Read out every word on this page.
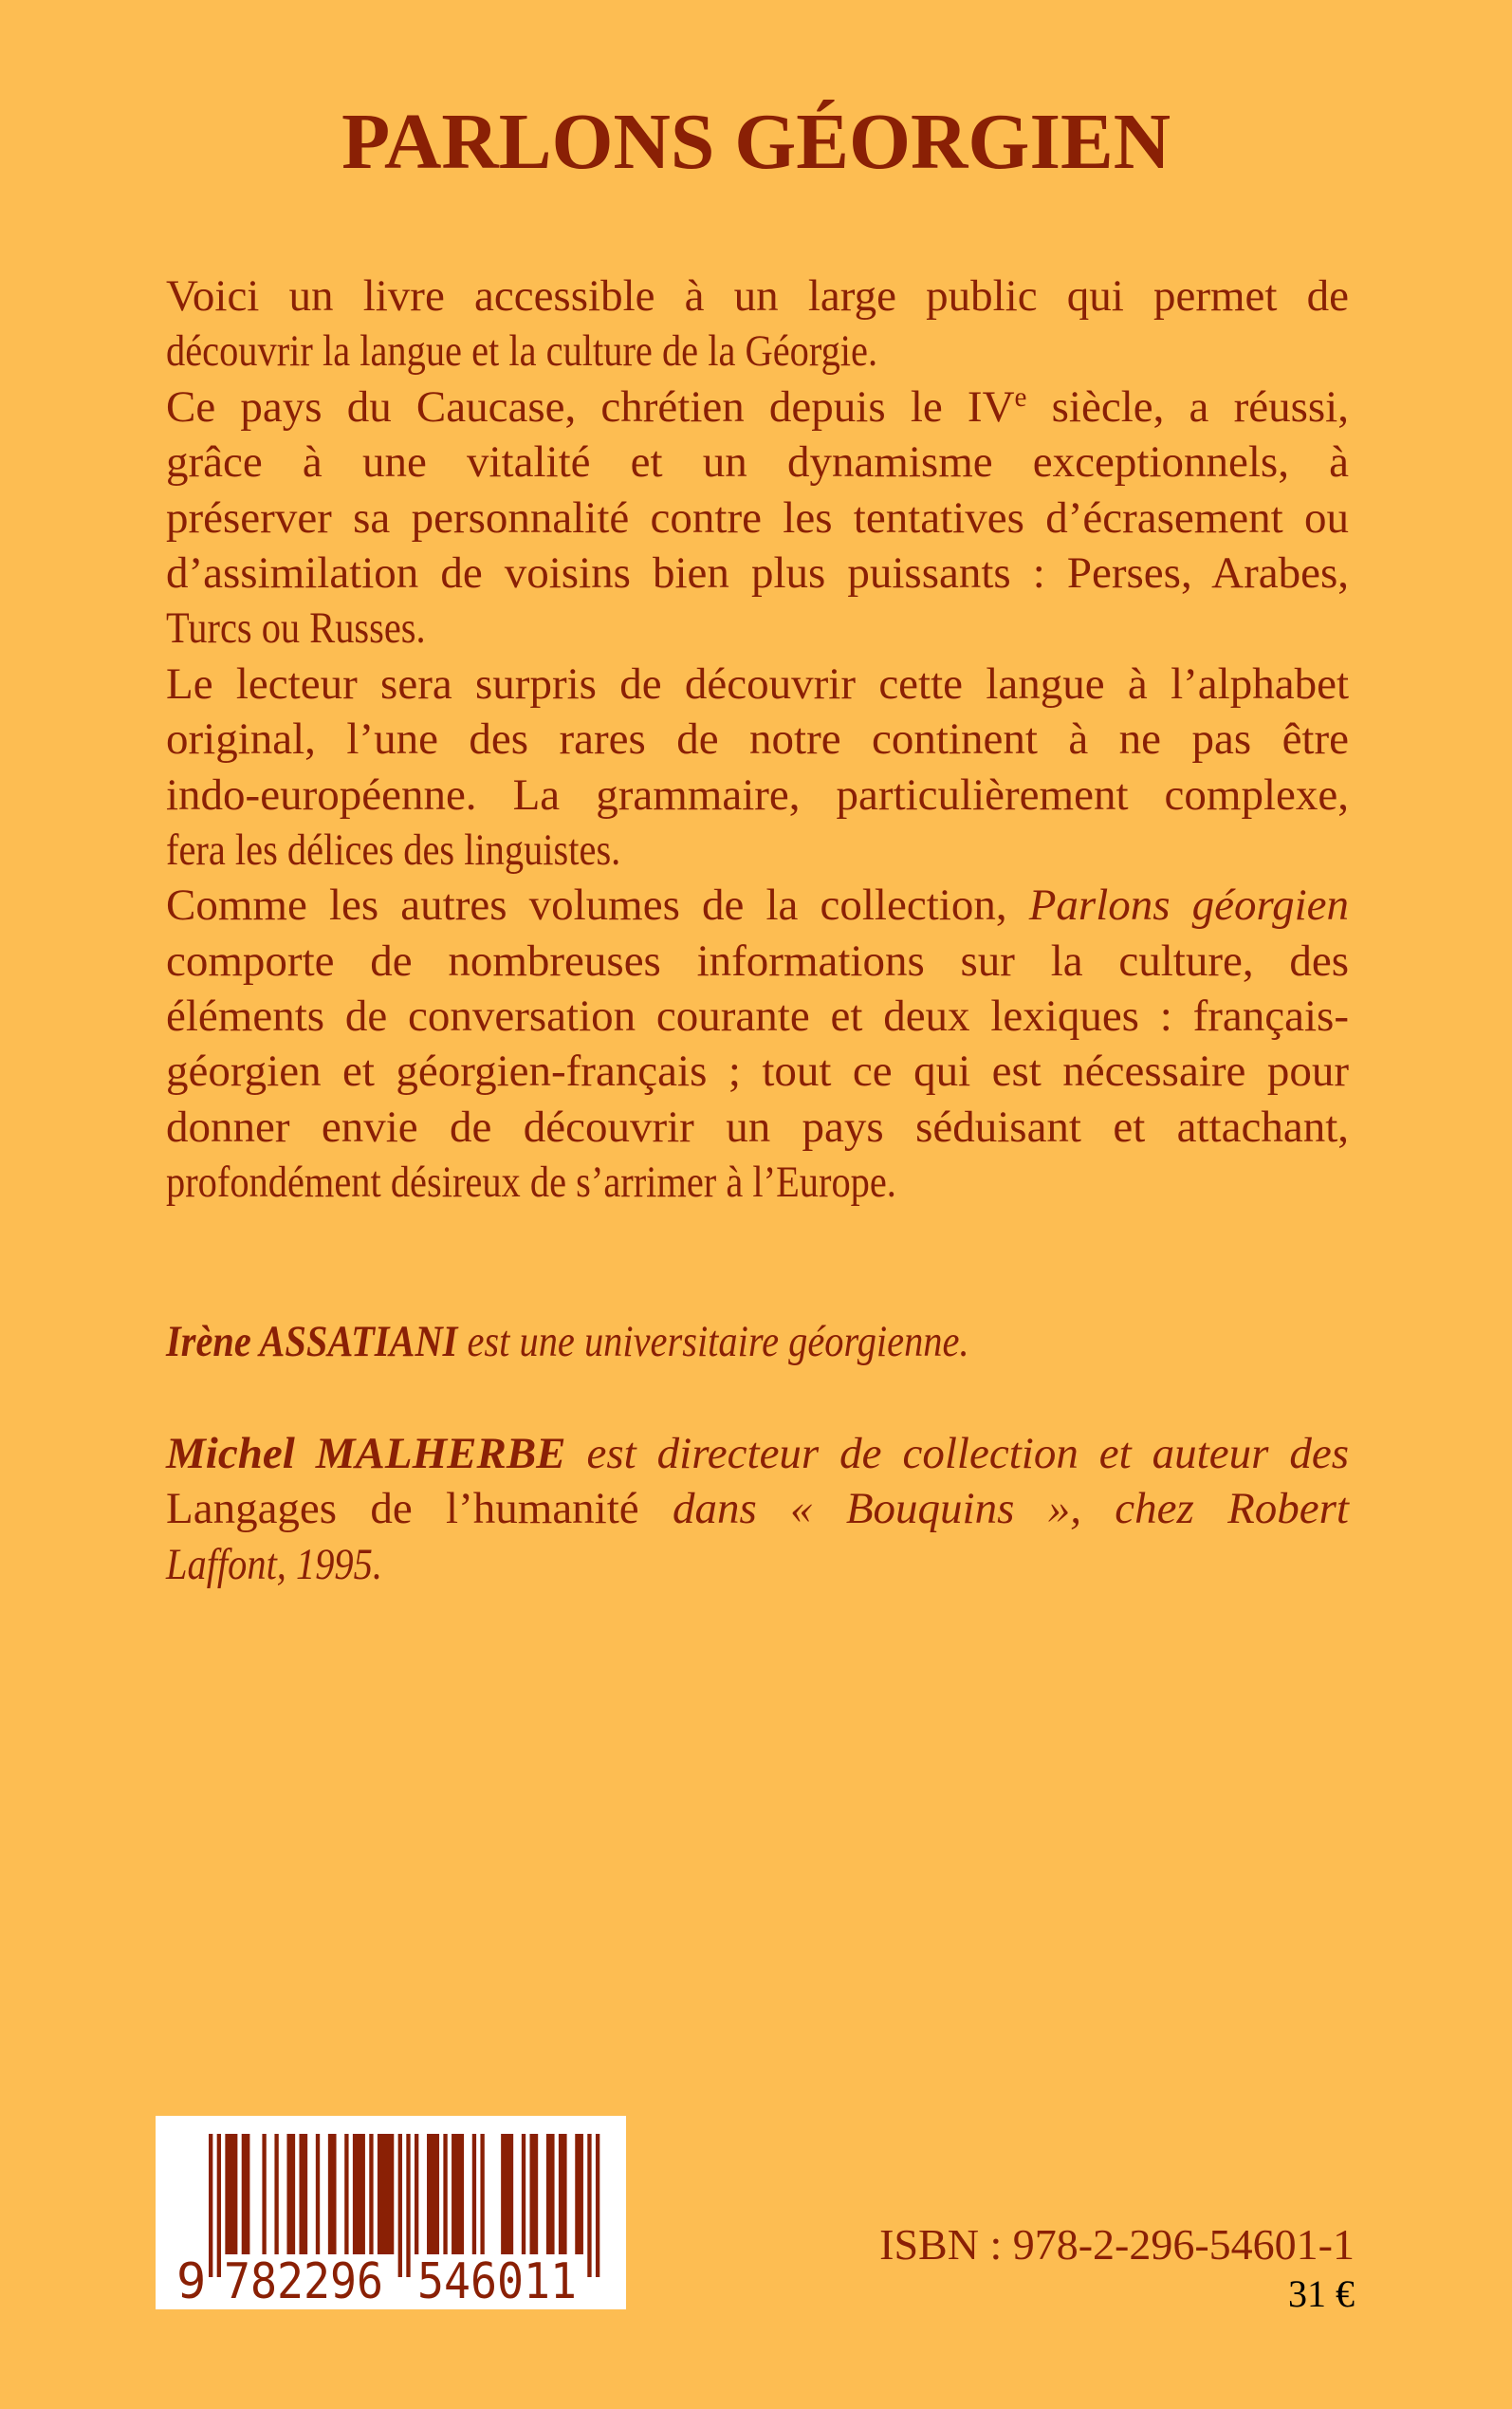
PARLONS GÉORGIEN
Voici un livre accessible à un large public qui permet de
découvrir la langue et la culture de la Géorgie.
Ce pays du Caucase, chrétien depuis le IVe siècle, a réussi,
grâce à une vitalité et un dynamisme exceptionnels, à
préserver sa personnalité contre les tentatives d’écrasement ou
d’assimilation de voisins bien plus puissants : Perses, Arabes,
Turcs ou Russes.
Le lecteur sera surpris de découvrir cette langue à l’alphabet
original, l’une des rares de notre continent à ne pas être
indo-européenne. La grammaire, particulièrement complexe,
fera les délices des linguistes.
Comme les autres volumes de la collection, Parlons géorgien
comporte de nombreuses informations sur la culture, des
éléments de conversation courante et deux lexiques : français-
géorgien et géorgien-français ; tout ce qui est nécessaire pour
donner envie de découvrir un pays séduisant et attachant,
profondément désireux de s’arrimer à l’Europe.
Irène ASSATIANI est une universitaire géorgienne.
Michel MALHERBE est directeur de collection et auteur des
Langages de l’humanité dans « Bouquins », chez Robert
Laffont, 1995.
9 782296 546011
ISBN : 978-2-296-54601-1
31 €
